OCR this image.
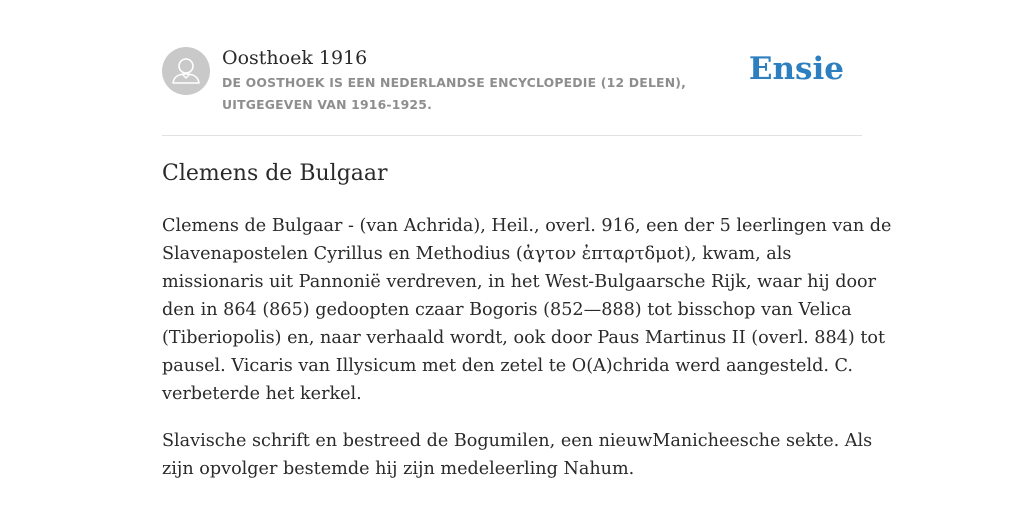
Oosthoek 1916
DE OOSTHOEK IS EEN NEDERLANDSE ENCYCLOPEDIE (12 DELEN), UITGEGEVEN VAN 1916-1925.
Ensie
Clemens de Bulgaar
Clemens de Bulgaar - (van Achrida), Heil., overl. 916, een der 5 leerlingen van de
Slavenapostelen Cyrillus en Methodius (ἀγτον ἐπταρτδμot), kwam, als
missionaris uit Pannonië verdreven, in het West-Bulgaarsche Rijk, waar hij door
den in 864 (865) gedoopten czaar Bogoris (852—888) tot bisschop van Velica
(Tiberiopolis) en, naar verhaald wordt, ook door Paus Martinus II (overl. 884) tot
pausel. Vicaris van Illysicum met den zetel te O(A)chrida werd aangesteld. C.
verbeterde het kerkel.
Slavische schrift en bestreed de Bogumilen, een nieuwManicheesche sekte. Als
zijn opvolger bestemde hij zijn medeleerling Nahum.
